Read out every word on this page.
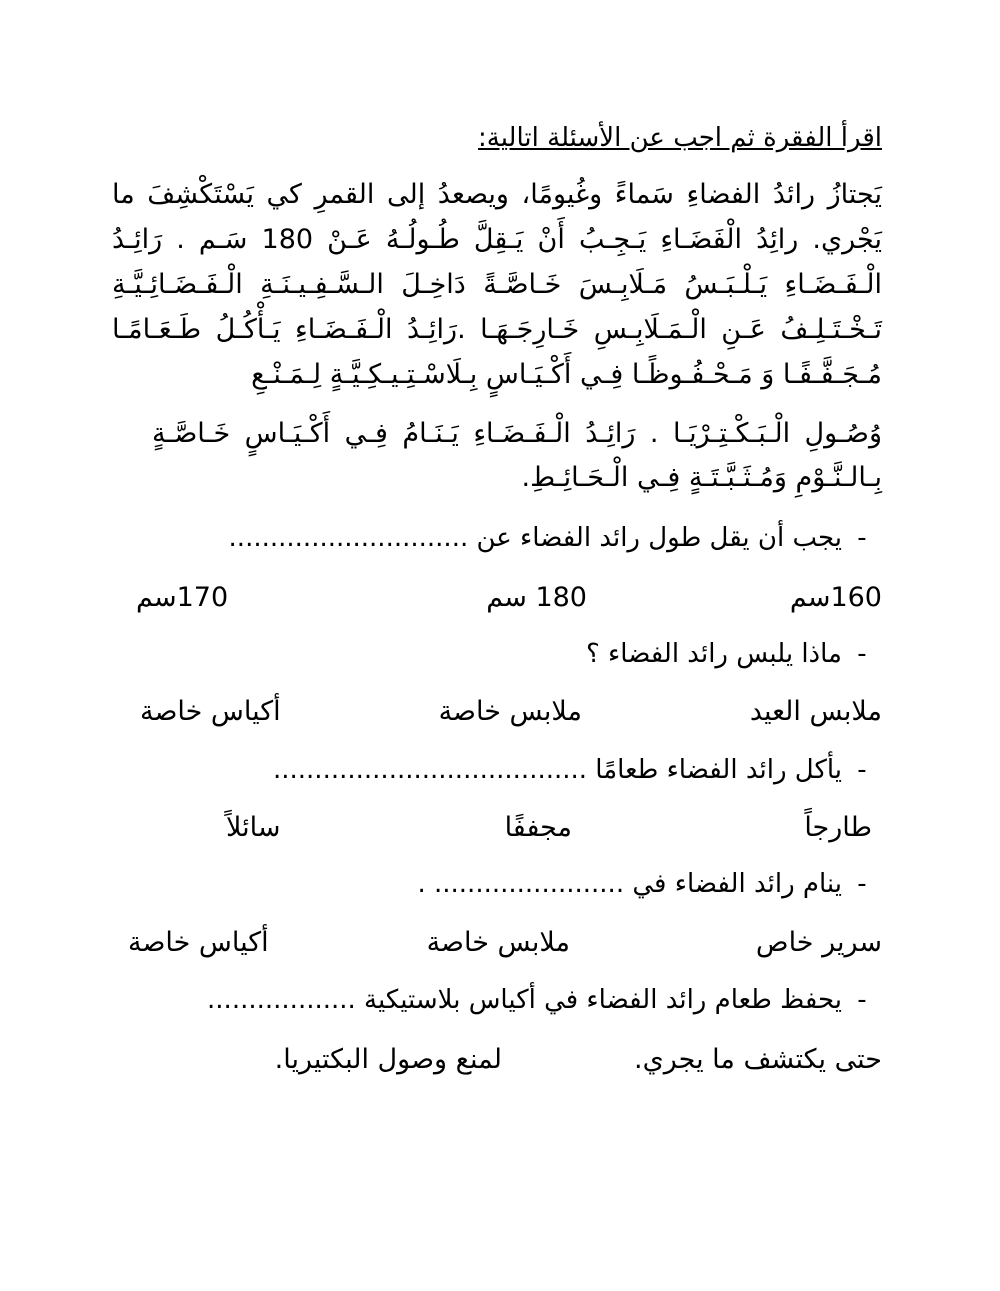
اقرأ الفقرة ثم اجب عن الأسئلة اتالية:
يَجتازُ رائدُ الفضاءِ سَماءً وغُيومًا، ويصعدُ إلى القمرِ كي يَسْتَكْشِفَ ما يَجْري. رائِدُ الْفَضَـاءِ يَـجِـبُ أَنْ يَـقِلَّ طُـولُـهُ عَـنْ 180 سَـم . رَائِـدُ الْـفَـضَـاءِ يَـلْـبَـسُ مَـلَابِـسَ خَـاصَّـةً دَاخِـلَ الـسَّـفِـيـنَـةِ الْـفَـضَـائِـيَّـةِ تَـخْـتَـلِـفُ عَـنِ الْـمَـلَابِـسِ خَـارِجَـهَـا .رَائِـدُ الْـفَـضَـاءِ يَـأْكُـلُ طَـعَـامًـا مُـجَـفَّـفًـا وَ مَـحْـفُـوظًـا فِـي أَكْـيَـاسٍ بِـلَاسْـتِـيـكِـيَّـةٍ لِـمَـنْـعِ
وُصُـولِ الْـبَـكْـتِـرْيَـا . رَائِـدُ الْـفَـضَـاءِ يَـنَـامُ فِـي أَكْـيَـاسٍ خَـاصَّـةٍ بِـالـنَّـوْمِ وَمُـثَـبَّـتَـةٍ فِـي الْـحَـائِـطِ.
-يجب أن يقل طول رائد الفضاء عن .............................
160سم
180 سم
170سم
-ماذا يلبس رائد الفضاء ؟
ملابس العيد
ملابس خاصة
أكياس خاصة
-يأكل رائد الفضاء طعامًا ......................................
طارجاً
مجففًا
سائلاً
-ينام رائد الفضاء في ....................... .
سرير خاص
ملابس خاصة
أكياس خاصة
-يحفظ طعام رائد الفضاء في أكياس بلاستيكية ..................
حتى يكتشف ما يجري.
لمنع وصول البكتيريا.
